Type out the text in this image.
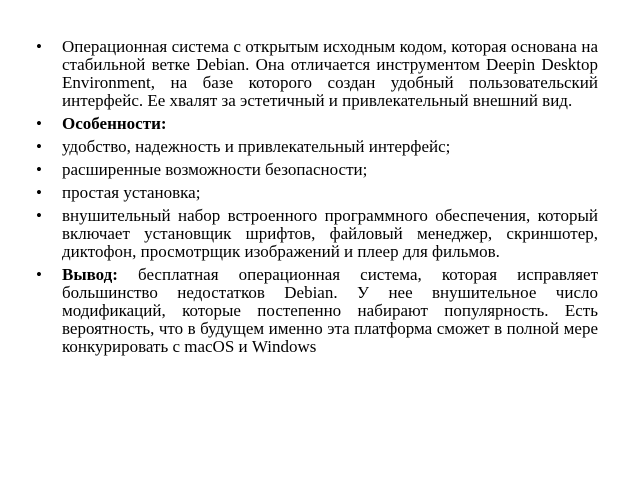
•	Операционная система с открытым исходным кодом, которая основана на стабильной ветке Debian. Она отличается инструментом Deepin Desktop Environment, на базе которого создан удобный пользовательский интерфейс. Ее хвалят за эстетичный и привлекательный внешний вид.
•	Особенности:
•	удобство, надежность и привлекательный интерфейс;
•	расширенные возможности безопасности;
•	простая установка;
•	внушительный набор встроенного программного обеспечения, который включает установщик шрифтов, файловый менеджер, скриншотер, диктофон, просмотрщик изображений и плеер для фильмов.
•	Вывод: бесплатная операционная система, которая исправляет большинство недостатков Debian. У нее внушительное число модификаций, которые постепенно набирают популярность. Есть вероятность, что в будущем именно эта платформа сможет в полной мере конкурировать с macOS и Windows
